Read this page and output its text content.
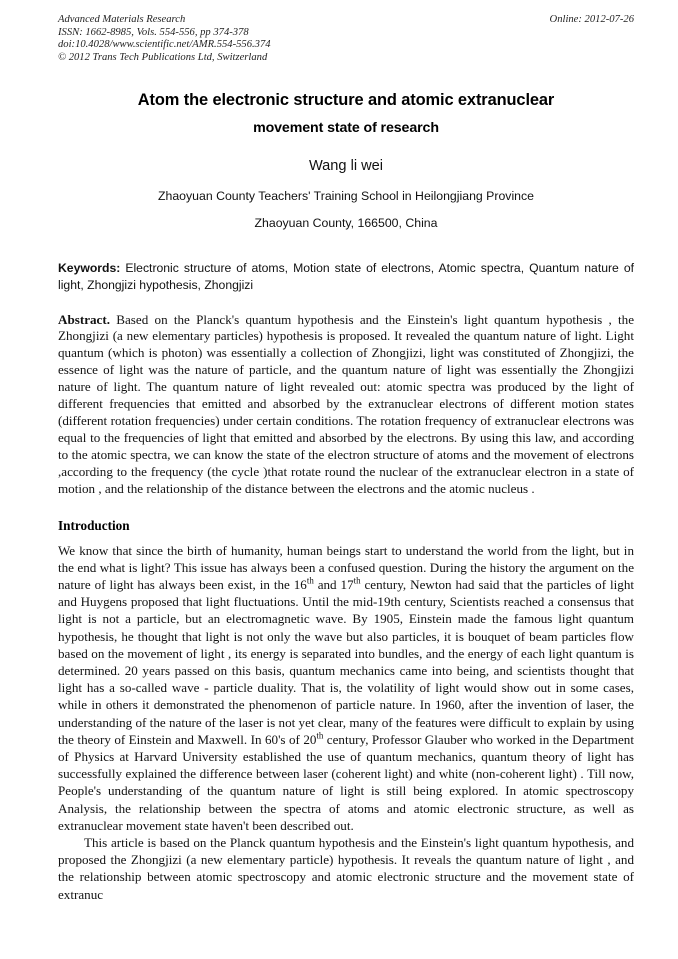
Advanced Materials Research
ISSN: 1662-8985, Vols. 554-556, pp 374-378
doi:10.4028/www.scientific.net/AMR.554-556.374
© 2012 Trans Tech Publications Ltd, Switzerland
Online: 2012-07-26
Atom the electronic structure and atomic extranuclear
movement state of research
Wang li wei
Zhaoyuan County Teachers' Training School in Heilongjiang Province
Zhaoyuan County, 166500, China
Keywords: Electronic structure of atoms, Motion state of electrons, Atomic spectra, Quantum nature of light, Zhongjizi hypothesis, Zhongjizi
Abstract. Based on the Planck's quantum hypothesis and the Einstein's light quantum hypothesis , the Zhongjizi (a new elementary particles) hypothesis is proposed. It revealed the quantum nature of light. Light quantum (which is photon) was essentially a collection of Zhongjizi, light was constituted of Zhongjizi, the essence of light was the nature of particle, and the quantum nature of light was essentially the Zhongjizi nature of light. The quantum nature of light revealed out: atomic spectra was produced by the light of different frequencies that emitted and absorbed by the extranuclear electrons of different motion states (different rotation frequencies) under certain conditions. The rotation frequency of extranuclear electrons was equal to the frequencies of light that emitted and absorbed by the electrons. By using this law, and according to the atomic spectra, we can know the state of the electron structure of atoms and the movement of electrons ,according to the frequency (the cycle )that rotate round the nuclear of the extranuclear electron in a state of motion , and the relationship of the distance between the electrons and the atomic nucleus .
Introduction
We know that since the birth of humanity, human beings start to understand the world from the light, but in the end what is light? This issue has always been a confused question. During the history the argument on the nature of light has always been exist, in the 16th and 17th century, Newton had said that the particles of light and Huygens proposed that light fluctuations. Until the mid-19th century, Scientists reached a consensus that light is not a particle, but an electromagnetic wave. By 1905, Einstein made the famous light quantum hypothesis, he thought that light is not only the wave but also particles, it is bouquet of beam particles flow based on the movement of light , its energy is separated into bundles, and the energy of each light quantum is determined. 20 years passed on this basis, quantum mechanics came into being, and scientists thought that light has a so-called wave - particle duality. That is, the volatility of light would show out in some cases, while in others it demonstrated the phenomenon of particle nature. In 1960, after the invention of laser, the understanding of the nature of the laser is not yet clear, many of the features were difficult to explain by using the theory of Einstein and Maxwell. In 60's of 20th century, Professor Glauber who worked in the Department of Physics at Harvard University established the use of quantum mechanics, quantum theory of light has successfully explained the difference between laser (coherent light) and white (non-coherent light) . Till now, People's understanding of the quantum nature of light is still being explored. In atomic spectroscopy Analysis, the relationship between the spectra of atoms and atomic electronic structure, as well as extranuclear movement state haven't been described out.
This article is based on the Planck quantum hypothesis and the Einstein's light quantum hypothesis, and proposed the Zhongjizi (a new elementary particle) hypothesis. It reveals the quantum nature of light , and the relationship between atomic spectroscopy and atomic electronic structure and the movement state of extranuc
